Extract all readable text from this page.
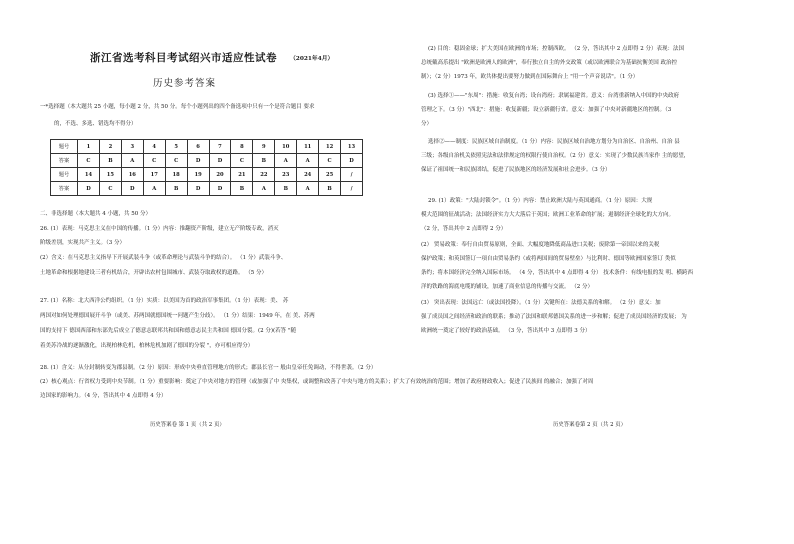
浙江省选考科目考试绍兴市适应性试卷 （2021年4月）
历史参考答案
一*选择题（本大题共 25 小题，每小题 2 分，共 50 分。每个小题列出的四个备选项中只有一个是符合题目 要求
的，不选、多选、错选均不得分）
题号	1	2	3	4	5	6	7	8	9	10	11	12	13
答案	C	B	A	C	C	D	D	C	B	A	A	C	D
题号	14	15	16	17	18	19	20	21	22	23	24	25	/
答案	D	C	D	A	B	D	D	B	A	B	A	B	/
二、非选择题（本大题共 4 小题，共 50 分）
26. (1）表现：马克思主义在中国的传播。（1 分）内容：推翻资产阶级，建立无产阶级专政，消灭
阶级差别，实现共产主义。（3 分）
(2）含义：在马克思主义指导下开展武装斗争（或革命理论与武装斗争的结合）。 （1 分）武装斗争、
土地革命和根据地建设三者有机结合，开辟出农村包围城市、武装夺取政权的道路。 （5 分）
27. (1）名称：北大西洋公约组织。（1 分）实质：以美国为首的政治军事集团。（1 分）表现：美、 苏
两国对如何处理德国展开斗争（或美、苏两国就德国统一问题产生分歧）。 （1 分）结果：1949 年，在 美、苏两
国的支持下 德国西部和东部先后成立了德意志联邦共和国和德意志民主共和国 德国分裂。(2 分)(若答 "随
着美苏冷战的逐渐激化，出现柏林危机，柏林危机加剧了德国的分裂 "，亦可相应得分）
28. (1）含义：从分封制转变为郡县制。（2 分）原因：形成中央垂直管理地方的形式；郡县长官一 般由皇帝任免调动，不得世袭。（2 分）
(2）核心观点：行省权力受到中央节制。（1 分）重要影响：奠定了中央对地方的管理（或加强了中 央集权，或调整和改善了中央与地方的关系）；扩大了有效统治的范围；增加了政府财政收入；促进了民族间 的融合；加强了对周
边国家的影响力。（4 分，答出其中 4 点即得 4 分）
历史答案卷 第 1 页（共 2 页）
(2) 目的：稳固金球；扩大美国在欧洲的市场；控制西欧。 （2 分，答出其中 2 点即得 2 分）表现：法国
总统戴高乐提出 "欧洲是欧洲人的欧洲"，奉行独立自主的外交政策（或以欧洲联合为基础抗衡美国 政治控
制）；（2 分）1973 年，欧共体提出要努力做到在国际舞台上 "用一个声音说话"。（1 分）
(3) 选择①——"东周"：措施：收复台湾；设台湾府；隶属福建省。意义：台湾重新纳入中国的中央政府
管理之下。（3 分）"西北"：措施：收复新疆；设立新疆行省。意义：加强了中央对新疆地区的控制。（3
分）
选择②——制度：民族区域自治制度。（1 分）内容：民族区域自治地方划分为自治区、自治州、自治 县
三级；各级自治机关依照宪法和法律规定的权限行使自治权。（2 分）意义：实现了少数民族当家作 主的愿望，
保证了祖国统一和民族团结，促进了民族地区的经济发展和社会进步。（3 分）
29. (1）政策："大陆封锁令"。（1 分）内容：禁止欧洲大陆与英国通商。（1 分）原因：大规
模大范围的征战活动；法国经济实力大大落后于英国；欧洲工业革命的扩展；遏制经济全球化的大方向。
（2 分，答出其中 2 点即得 2 分）
(2） 贸易政策：奉行自由贸易原则，全面、大幅度地降低商品进口关税；废除第一帝国以来的关税
保护政策；和英国签订一项自由贸易条约（或将两国间的贸易壁垒）与比利时、德国等欧洲国家签订 类似
条约；将本国经济完全纳入国际市场。 （4 分，答出其中 4 点即得 4 分） 技术条件：有线电报的发 明、横跨西
洋的铁路的海底电缆的铺设，加速了商业信息的传播与交流。 （2 分）
(3） 突出表现：法国远亡（或法国投降）。（1 分）关键所在：法德关系的和解。 （2 分）意义：加
强了成员国之间经济和政治的联系；推动了法国和联邦德国关系的进一步和解；促进了成员国经济的发展； 为
欧洲统一奠定了较好的政治基础。 （3 分，答出其中 3 点即得 3 分）
历史答案卷第 2 页（共 2 页）
